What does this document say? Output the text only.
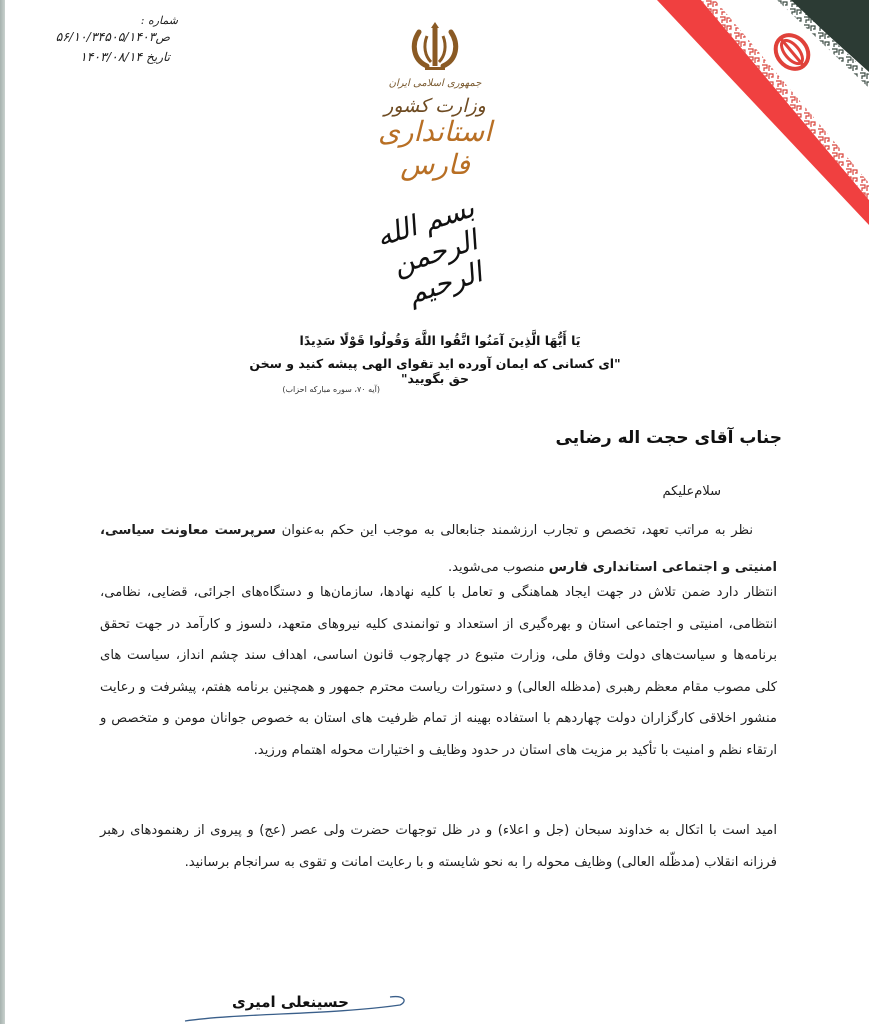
شماره :
ص۵۶/۱۰/۳۴۵۰۵/۱۴۰۳
تاریخ ۱۴۰۳/۰۸/۱۴
جمهوری اسلامی ایران
وزارت کشور
استانداری فارس
بسم الله الرحمن الرحیم
يَا أَيُّهَا الَّذِينَ آمَنُوا اتَّقُوا اللَّهَ وَقُولُوا قَوْلًا سَدِيدًا
"ای کسانی که ایمان آورده اید تقوای الهی پیشه کنید و سخن حق بگویید"
(آیه ۷۰، سوره مبارکه احزاب)
جناب آقای حجت اله رضایی
سلام‌علیکم
نظر به مراتب تعهد، تخصص و تجارب ارزشمند جنابعالی به موجب این حکم به‌عنوان سرپرست معاونت سیاسی، امنیتی و اجتماعی استانداری فارس منصوب می‌شوید.
انتظار دارد ضمن تلاش در جهت ایجاد هماهنگی و تعامل با کلیه نهادها، سازمان‌ها و دستگاه‌های اجرائی، قضایی، نظامی، انتظامی، امنیتی و اجتماعی استان و بهره‌گیری از استعداد و توانمندی کلیه نیروهای متعهد، دلسوز و کارآمد در جهت تحقق برنامه‌ها و سیاست‌های دولت وفاق ملی، وزارت متبوع در چهارچوب قانون اساسی، اهداف سند چشم انداز، سیاست های کلی مصوب مقام معظم رهبری (مدظله العالی) و دستورات ریاست محترم جمهور و همچنین برنامه هفتم، پیشرفت و رعایت منشور اخلاقی کارگزاران دولت چهاردهم با استفاده بهینه از تمام ظرفیت های استان به خصوص جوانان مومن و متخصص و ارتقاء نظم و امنیت با تأکید بر مزیت های استان در حدود وظایف و اختیارات محوله اهتمام ورزید.
امید است با اتکال به خداوند سبحان (جل و اعلاء) و در ظل توجهات حضرت ولی عصر (عج) و پیروی از رهنمودهای رهبر فرزانه انقلاب (مدظّله العالی) وظایف محوله را به نحو شایسته و با رعایت امانت و تقوی به سرانجام برسانید.
حسینعلی امیری
